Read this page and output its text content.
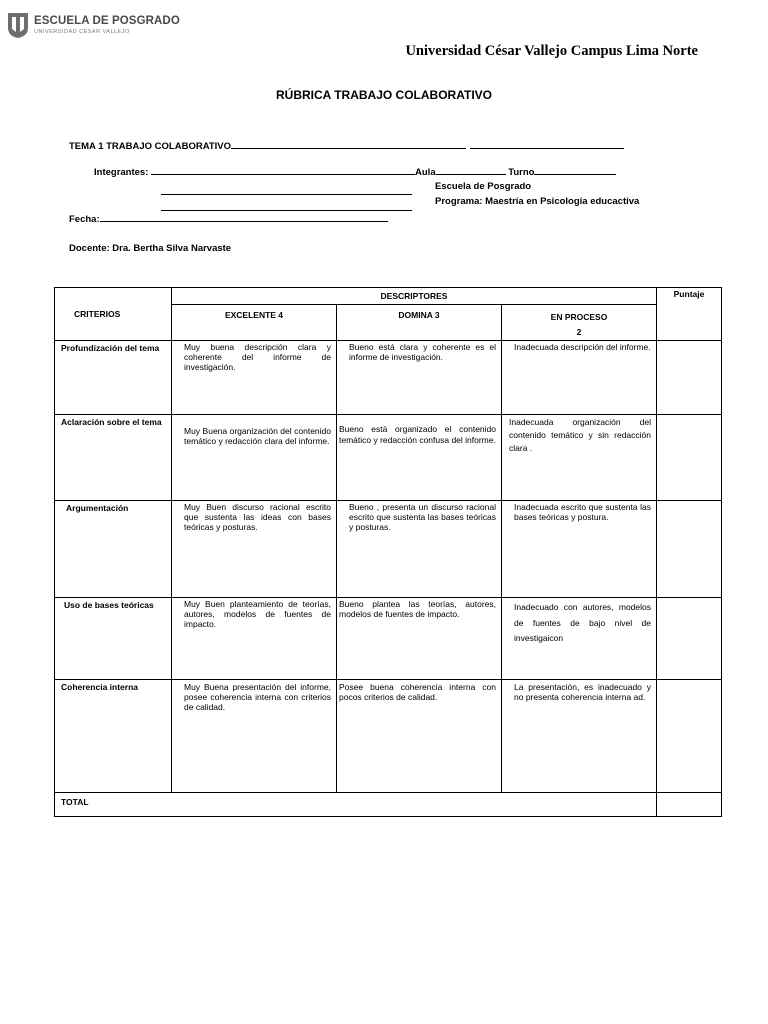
ESCUELA DE POSGRADO
UNIVERSIDAD CÉSAR VALLEJO
Universidad César Vallejo Campus Lima Norte
RÚBRICA TRABAJO COLABORATIVO
TEMA 1 TRABAJO COLABORATIVO
Integrantes:	Aula	Turno
Escuela de Posgrado
Programa: Maestría en Psicología educactiva
Fecha:
Docente: Dra. Bertha Silva Narvaste
CRITERIOS	DESCRIPTORES			Puntaje
	EXCELENTE 4	DOMINA 3	EN PROCESO
2	

Profundización del tema	Muy buena descripción clara y coherente del informe de investigación.	Bueno está clara y coherente es el informe de investigación.	Inadecuada descripción del informe.	
Aclaración sobre el tema	Muy Buena organización del contenido temático y redacción clara del informe.	Bueno está organizado el contenido temático y redacción confusa del informe.	Inadecuada organización del contenido temático y sin redacción clara .	
Argumentación	Muy Buen discurso racional escrito que sustenta las ideas con bases teóricas y posturas.	Bueno , presenta un discurso racional escrito que sustenta las bases teóricas y posturas.	Inadecuada escrito que sustenta las bases teóricas y postura.	
Uso de bases teóricas	Muy Buen planteamiento de teorías, autores, modelos de fuentes de impacto.	Bueno plantea las teorías, autores, modelos de fuentes de impacto.	Inadecuado con autores, modelos de fuentes de bajo nivel de investigaicon	
Coherencia interna	Muy Buena presentación del informe, posee coherencia interna con criterios de calidad.	Posee buena coherencia interna con pocos criterios de calidad.	La presentación, es inadecuado y no presenta coherencia interna ad.	
TOTAL				
